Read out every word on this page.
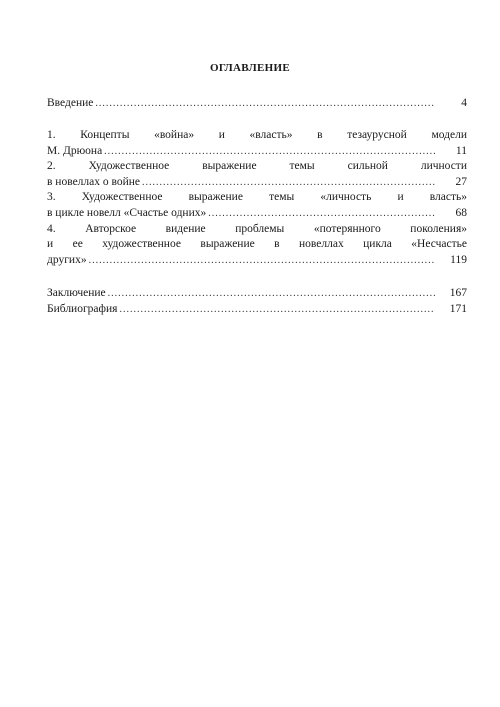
ОГЛАВЛЕНИЕ
Введение .....	4
1. Концепты «война» и «власть» в тезаурусной модели
М. Дрюона .....	11
2. Художественное выражение темы сильной личности
в новеллах о войне .....	27
3. Художественное выражение темы «личность и власть»
в цикле новелл «Счастье одних» .....	68
4. Авторское видение проблемы «потерянного поколения»
и ее художественное выражение в новеллах цикла «Несчастье
других» .....	119
Заключение .....	167
Библиография .....	171
